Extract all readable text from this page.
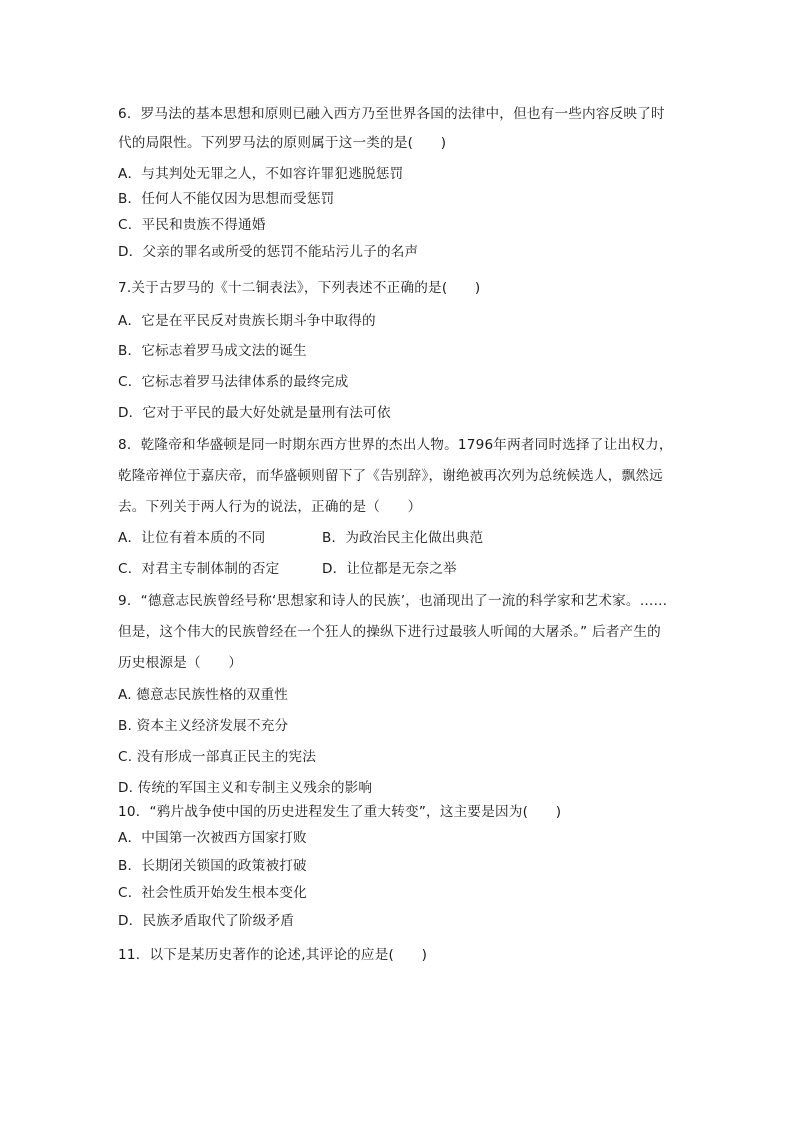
6．罗马法的基本思想和原则已融入西方乃至世界各国的法律中，但也有一些内容反映了时
代的局限性。下列罗马法的原则属于这一类的是(　　)
A．与其判处无罪之人，不如容许罪犯逃脱惩罚
B．任何人不能仅因为思想而受惩罚
C．平民和贵族不得通婚
D．父亲的罪名或所受的惩罚不能玷污儿子的名声
7.关于古罗马的《十二铜表法》，下列表述不正确的是(　　)
A．它是在平民反对贵族长期斗争中取得的
B．它标志着罗马成文法的诞生
C．它标志着罗马法律体系的最终完成
D．它对于平民的最大好处就是量刑有法可依
8．乾隆帝和华盛顿是同一时期东西方世界的杰出人物。1796年两者同时选择了让出权力，
乾隆帝禅位于嘉庆帝，而华盛顿则留下了《告别辞》，谢绝被再次列为总统候选人，飘然远
去。下列关于两人行为的说法，正确的是（　　）
A．让位有着本质的不同	B．为政治民主化做出典范
C．对君主专制体制的否定	D．让位都是无奈之举
9．“德意志民族曾经号称‘思想家和诗人的民族’，也涌现出了一流的科学家和艺术家。……
但是，这个伟大的民族曾经在一个狂人的操纵下进行过最骇人听闻的大屠杀。” 后者产生的
历史根源是（　　）
A. 德意志民族性格的双重性
B. 资本主义经济发展不充分
C. 没有形成一部真正民主的宪法
D. 传统的军国主义和专制主义残余的影响
10．“鸦片战争使中国的历史进程发生了重大转变”，这主要是因为(　　)
A．中国第一次被西方国家打败
B．长期闭关锁国的政策被打破
C．社会性质开始发生根本变化
D．民族矛盾取代了阶级矛盾
11．以下是某历史著作的论述,其评论的应是(　　)
